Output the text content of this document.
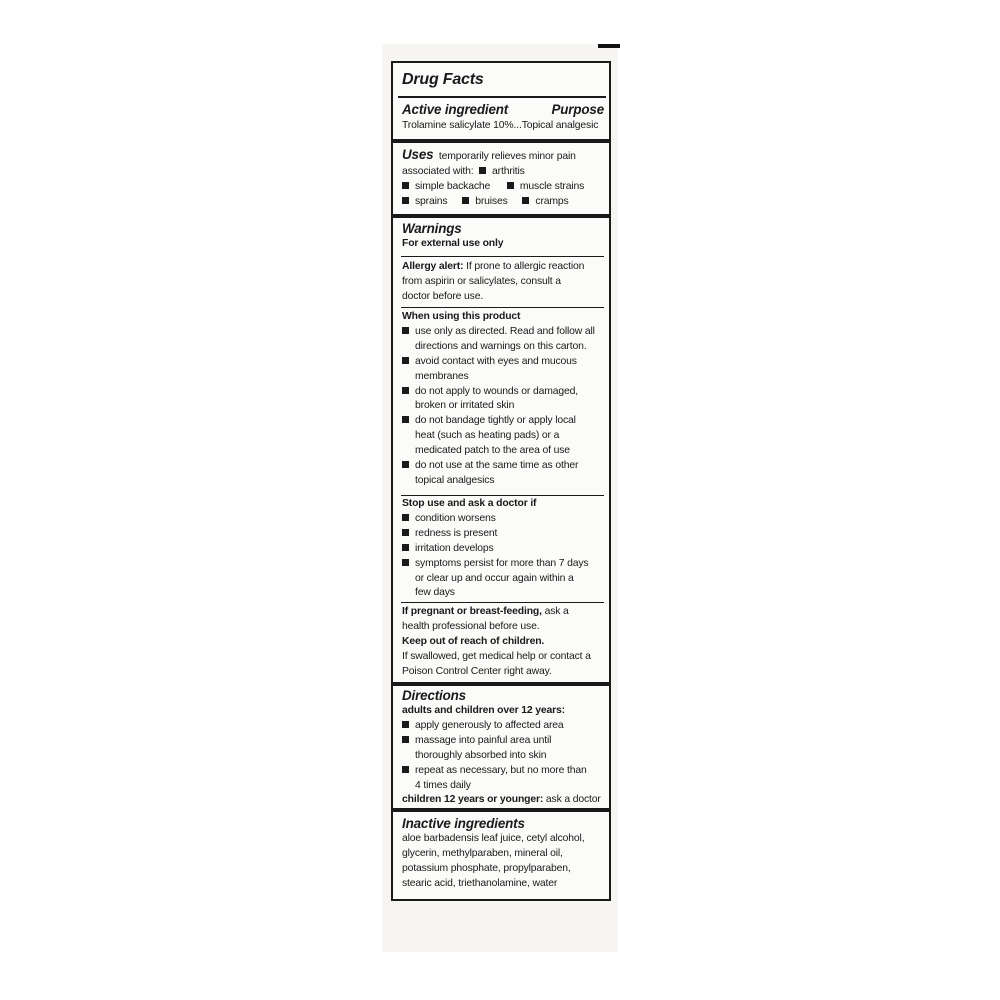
Drug Facts
Active ingredient	Purpose
Trolamine salicylate 10%...Topical analgesic
Uses temporarily relieves minor pain
associated with: arthritis
simple backache	muscle strains
sprains	bruises	cramps
Warnings
For external use only
Allergy alert: If prone to allergic reaction
from aspirin or salicylates, consult a
doctor before use.
When using this product
use only as directed. Read and follow all
directions and warnings on this carton.
avoid contact with eyes and mucous
membranes
do not apply to wounds or damaged,
broken or irritated skin
do not bandage tightly or apply local
heat (such as heating pads) or a
medicated patch to the area of use
do not use at the same time as other
topical analgesics
Stop use and ask a doctor if
condition worsens
redness is present
irritation develops
symptoms persist for more than 7 days
or clear up and occur again within a
few days
If pregnant or breast-feeding, ask a
health professional before use.
Keep out of reach of children.
If swallowed, get medical help or contact a
Poison Control Center right away.
Directions
adults and children over 12 years:
apply generously to affected area
massage into painful area until
thoroughly absorbed into skin
repeat as necessary, but no more than
4 times daily
children 12 years or younger: ask a doctor
Inactive ingredients
aloe barbadensis leaf juice, cetyl alcohol,
glycerin, methylparaben, mineral oil,
potassium phosphate, propylparaben,
stearic acid, triethanolamine, water
